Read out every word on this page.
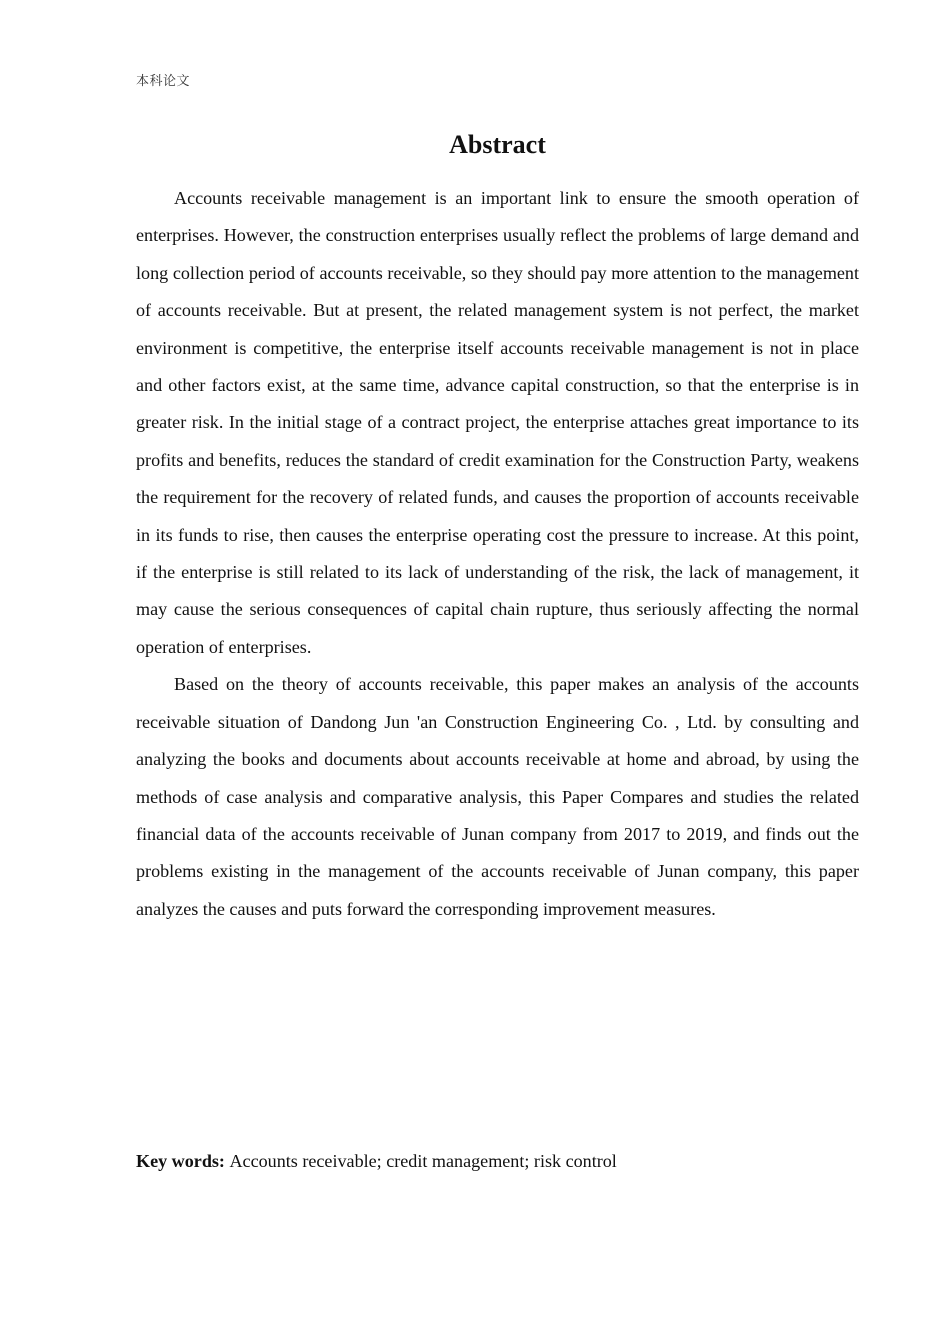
本科论文
Abstract

Accounts receivable management is an important link to ensure the smooth operation of enterprises. However, the construction enterprises usually reflect the problems of large demand and long collection period of accounts receivable, so they should pay more attention to the management of accounts receivable. But at present, the related management system is not perfect, the market environment is competitive, the enterprise itself accounts receivable management is not in place and other factors exist, at the same time, advance capital construction, so that the enterprise is in greater risk. In the initial stage of a contract project, the enterprise attaches great importance to its profits and benefits, reduces the standard of credit examination for the Construction Party, weakens the requirement for the recovery of related funds, and causes the proportion of accounts receivable in its funds to rise, then causes the enterprise operating cost the pressure to increase. At this point, if the enterprise is still related to its lack of understanding of the risk, the lack of management, it may cause the serious consequences of capital chain rupture, thus seriously affecting the normal operation of enterprises.

Based on the theory of accounts receivable, this paper makes an analysis of the accounts receivable situation of Dandong Jun 'an Construction Engineering Co. , Ltd. by consulting and analyzing the books and documents about accounts receivable at home and abroad, by using the methods of case analysis and comparative analysis, this Paper Compares and studies the related financial data of the accounts receivable of Junan company from 2017 to 2019, and finds out the problems existing in the management of the accounts receivable of Junan company, this paper analyzes the causes and puts forward the corresponding improvement measures.

Key words: Accounts receivable; credit management; risk control
